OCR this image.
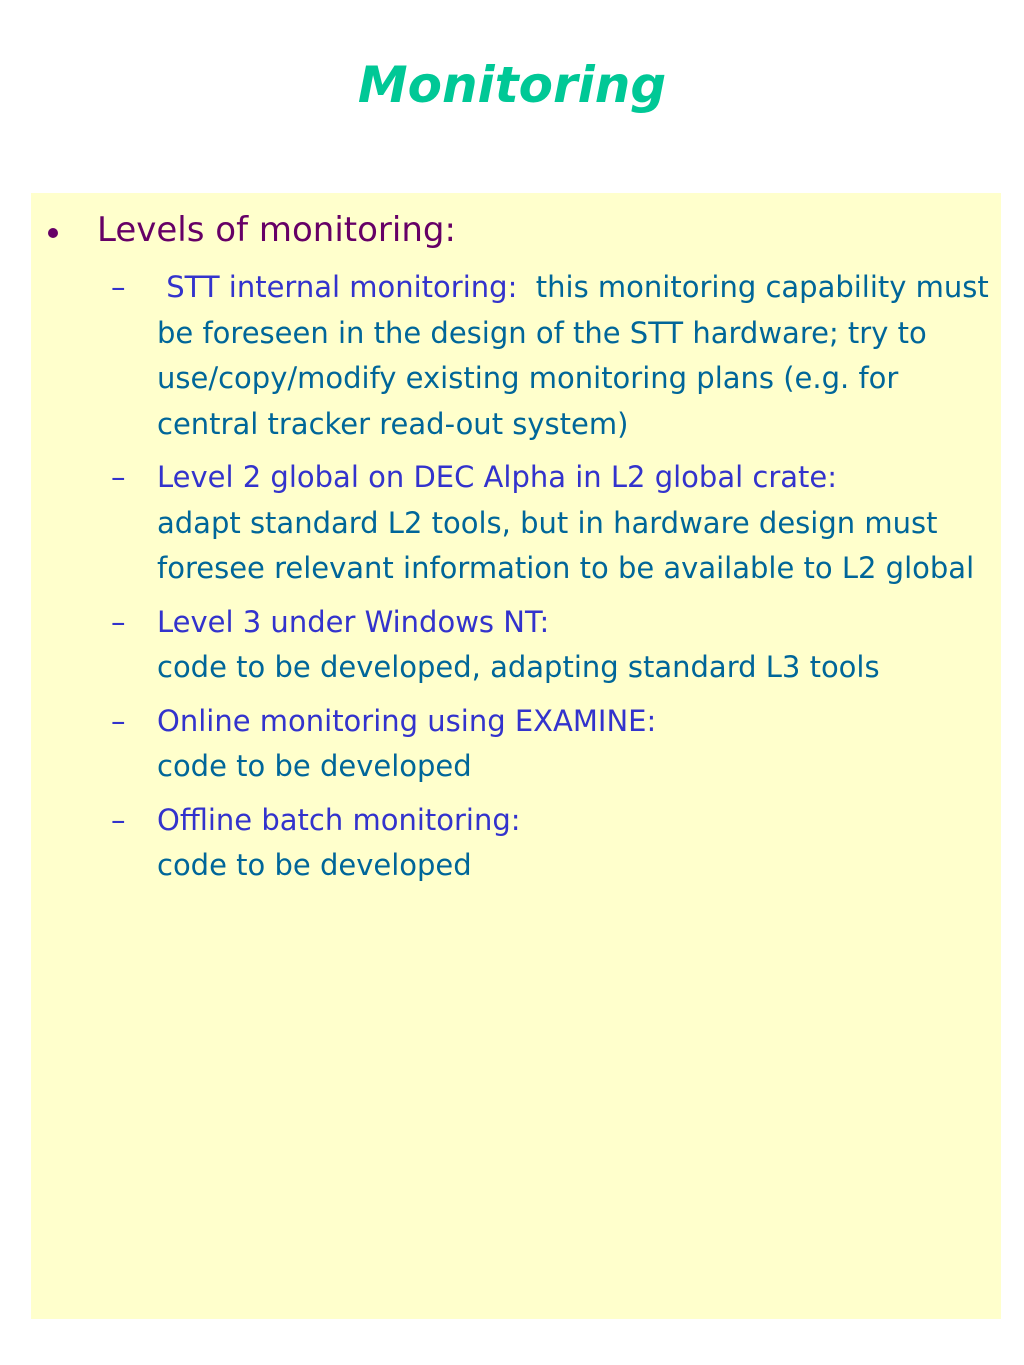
Monitoring
Levels of monitoring:
–	STT internal monitoring:  this monitoring capability must be foreseen in the design of the STT hardware; try to use/copy/modify existing monitoring plans (e.g. for central tracker read-out system)
–	Level 2 global on DEC Alpha in L2 global crate:
adapt standard L2 tools, but in hardware design must foresee relevant information to be available to L2 global
–	Level 3 under Windows NT:
code to be developed, adapting standard L3 tools
–	Online monitoring using EXAMINE:
code to be developed
–	Offline batch monitoring:
code to be developed
